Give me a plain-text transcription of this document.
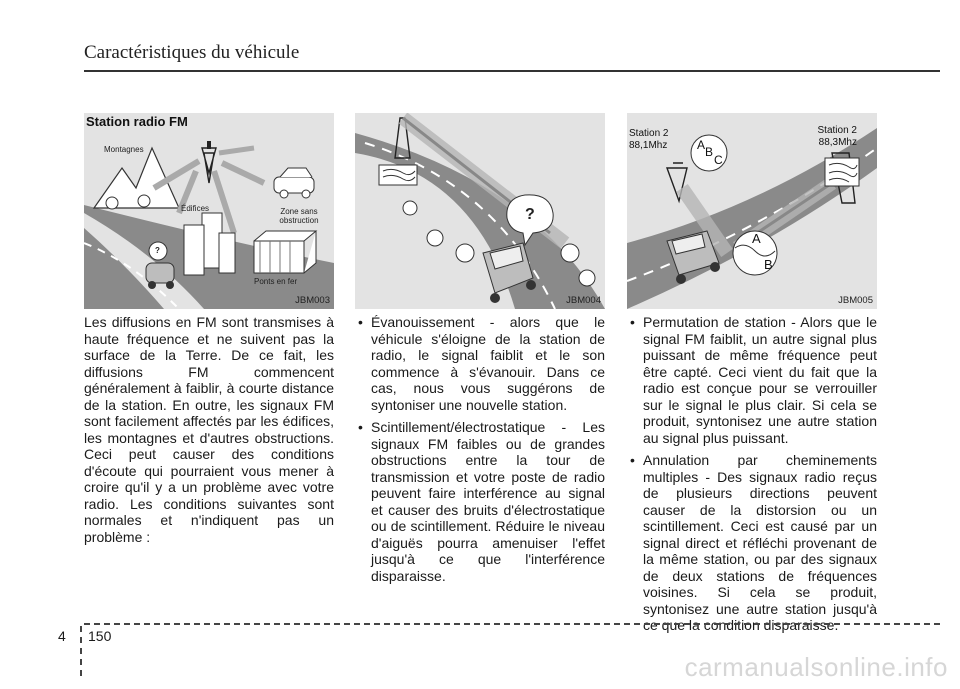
Caractéristiques du véhicule
Station radio FM
Montagnes
Édifices	Zone sans
obstruction
Ponts en fer
?
JBM003
?
JBM004
Station 2
88,1Mhz
Station 2
88,3Mhz
A B
C
A
B
JBM005

Les diffusions en FM sont transmises à haute fréquence et ne suivent pas la surface de la Terre. De ce fait, les diffusions FM commencent généralement à faiblir, à courte distance de la station. En outre, les signaux FM sont facilement affectés par les édifices, les montagnes et d'autres obstructions. Ceci peut causer des conditions d'écoute qui pourraient vous mener à croire qu'il y a un problème avec votre radio. Les conditions suivantes sont normales et n'indiquent pas un problème :

• Évanouissement - alors que le véhicule s'éloigne de la station de radio, le signal faiblit et le son commence à s'évanouir. Dans ce cas, nous vous suggérons de syntoniser une nouvelle station.

• Scintillement/électrostatique - Les signaux FM faibles ou de grandes obstructions entre la tour de transmission et votre poste de radio peuvent faire interférence au signal et causer des bruits d'électrostatique ou de scintillement. Réduire le niveau d'aiguës pourra amenuiser l'effet jusqu'à ce que l'interférence disparaisse.

• Permutation de station - Alors que le signal FM faiblit, un autre signal plus puissant de même fréquence peut être capté. Ceci vient du fait que la radio est conçue pour se verrouiller sur le signal le plus clair. Si cela se produit, syntonisez une autre station au signal plus puissant.

• Annulation par cheminements multiples - Des signaux radio reçus de plusieurs directions peuvent causer de la distorsion ou un scintillement. Ceci est causé par un signal direct et réfléchi provenant de la même station, ou par des signaux de deux stations de fréquences voisines. Si cela se produit, syntonisez une autre station jusqu'à ce que la condition disparaisse.

4 150
carmanualsonline.info
